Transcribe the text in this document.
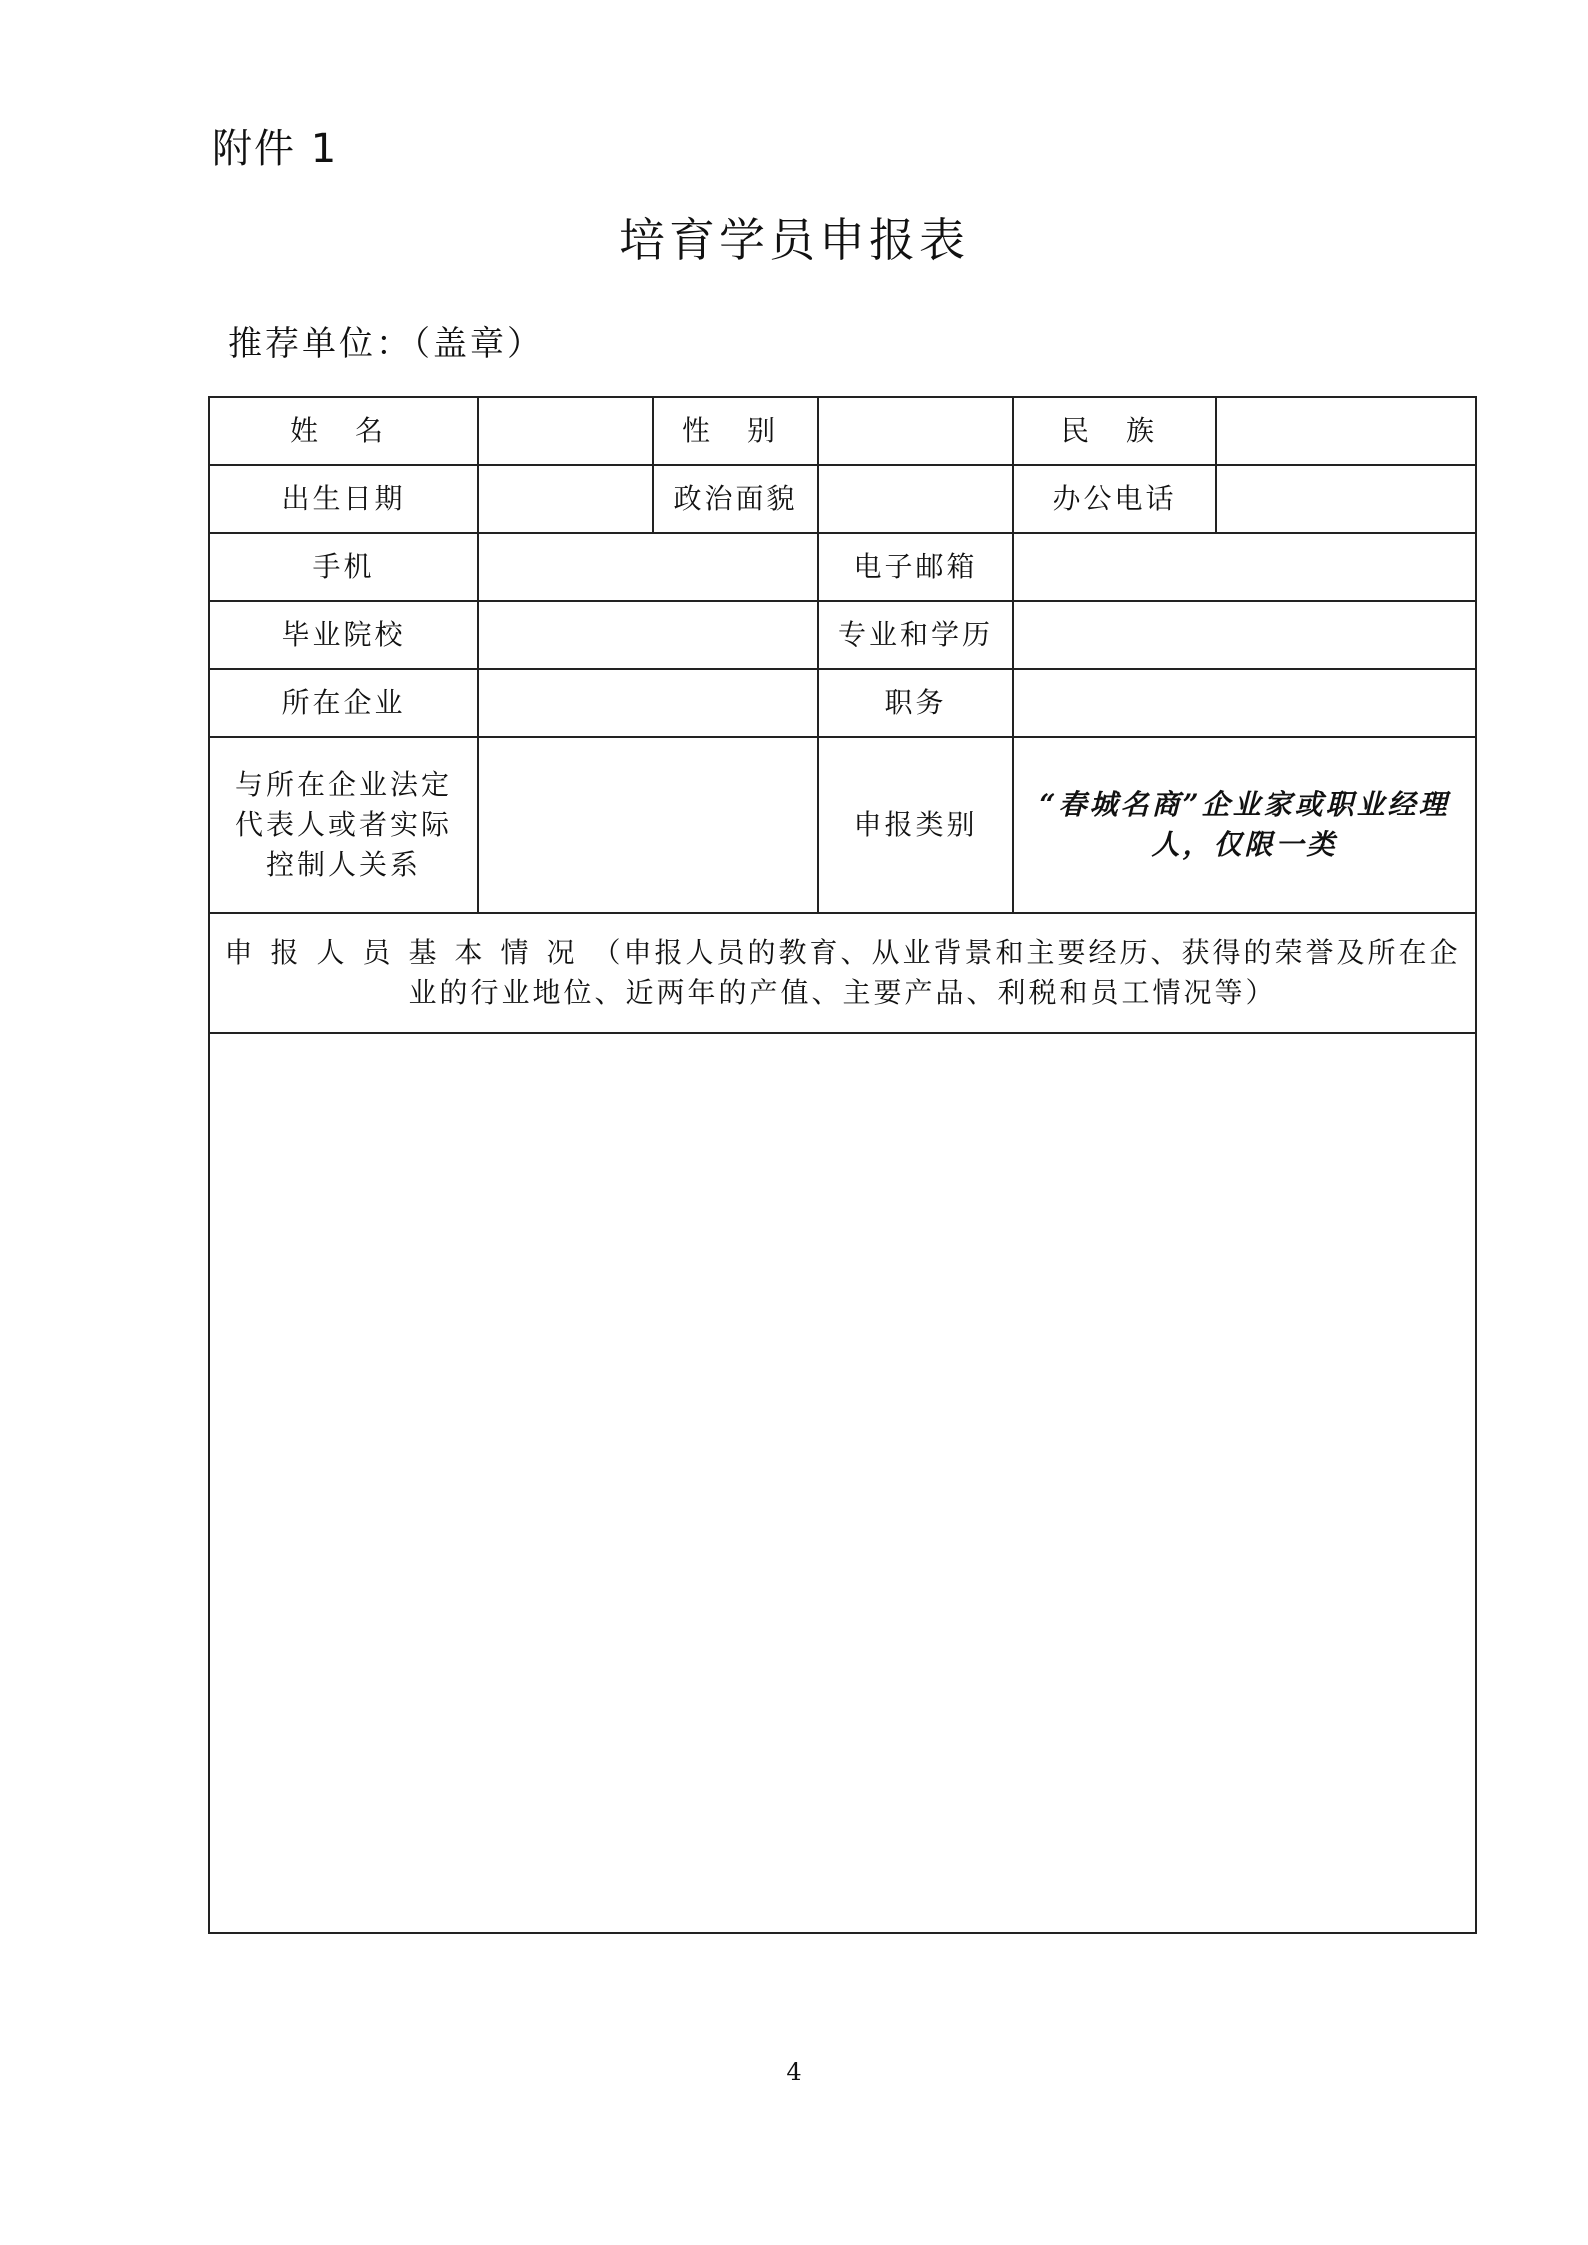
附件 1
培育学员申报表
推荐单位：（盖章）
姓 名		性 别		民 族	
出生日期		政治面貌		办公电话	
手机			电子邮箱		
毕业院校			专业和学历		
所在企业			职务		
与所在企业法定代表人或者实际控制人关系			申报类别	“春城名商”企业家或职业经理人，仅限一类	
申报人员基本情况（申报人员的教育、从业背景和主要经历、获得的荣誉及所在企业的行业地位、近两年的产值、主要产品、利税和员工情况等）					

4
